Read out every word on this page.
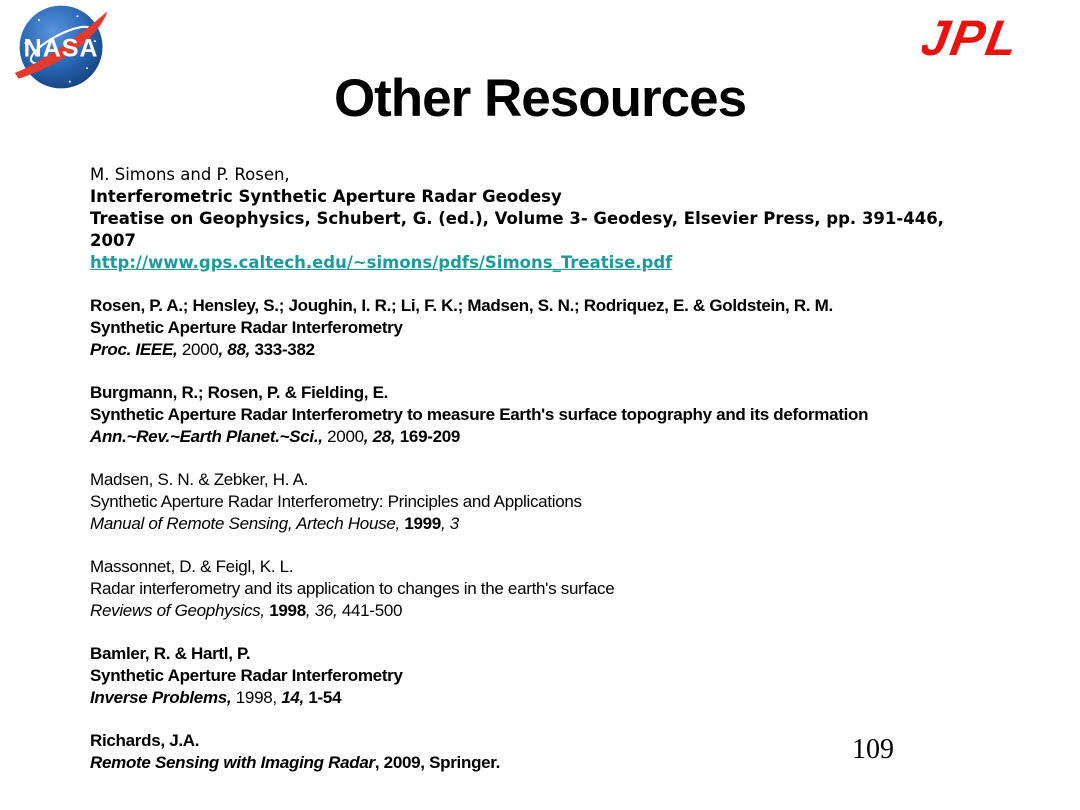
NASA	JPL
Other Resources
M. Simons and P. Rosen,
Interferometric Synthetic Aperture Radar Geodesy
Treatise on Geophysics, Schubert, G. (ed.), Volume 3- Geodesy, Elsevier Press, pp. 391-446, 2007
http://www.gps.caltech.edu/~simons/pdfs/Simons_Treatise.pdf
Rosen, P. A.; Hensley, S.; Joughin, I. R.; Li, F. K.; Madsen, S. N.; Rodriquez, E. & Goldstein, R. M.
Synthetic Aperture Radar Interferometry
Proc. IEEE, 2000, 88, 333-382
Burgmann, R.; Rosen, P. & Fielding, E.
Synthetic Aperture Radar Interferometry to measure Earth's surface topography and its deformation
Ann.~Rev.~Earth Planet.~Sci., 2000, 28, 169-209
Madsen, S. N. & Zebker, H. A.
Synthetic Aperture Radar Interferometry: Principles and Applications
Manual of Remote Sensing, Artech House, 1999, 3
Massonnet, D. & Feigl, K. L.
Radar interferometry and its application to changes in the earth's surface
Reviews of Geophysics, 1998, 36, 441-500
Bamler, R. & Hartl, P.
Synthetic Aperture Radar Interferometry
Inverse Problems, 1998, 14, 1-54
Richards, J.A.
Remote Sensing with Imaging Radar, 2009, Springer.	109
